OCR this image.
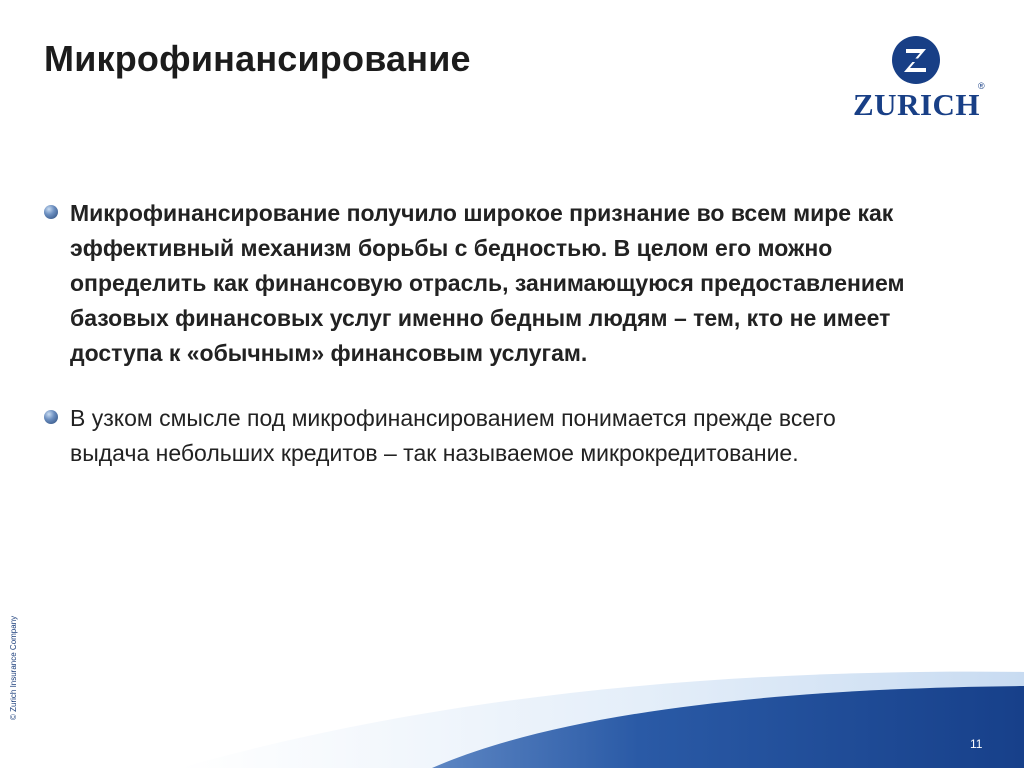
Микрофинансирование
ZURICH
®
Микрофинансирование получило широкое признание во всем мире как эффективный механизм борьбы с бедностью. В целом его можно определить как финансовую отрасль, занимающуюся предоставлением базовых финансовых услуг именно бедным людям – тем, кто не имеет доступа к «обычным» финансовым услугам.
В узком смысле под микрофинансированием понимается прежде всего выдача небольших кредитов – так называемое микрокредитование.
© Zurich Insurance Company
11
